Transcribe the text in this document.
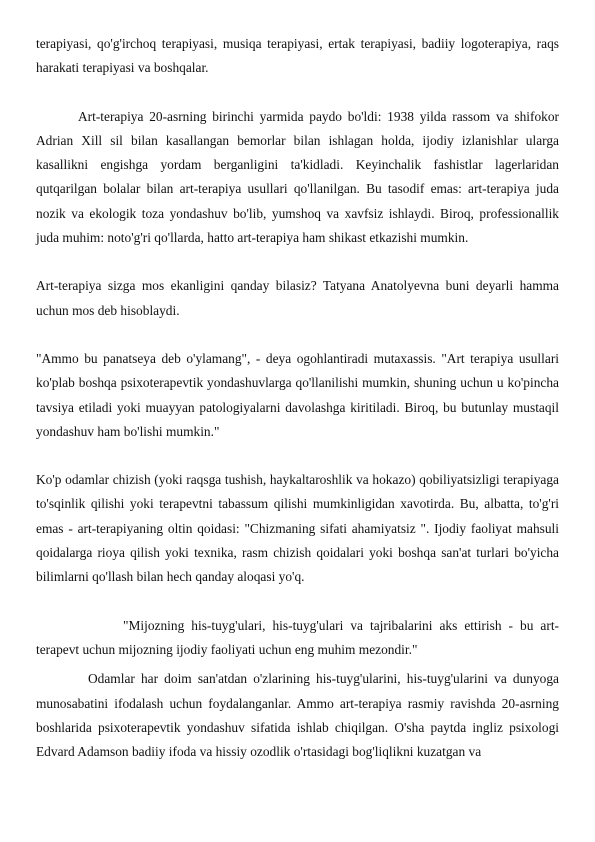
terapiyasi, qo'g'irchoq terapiyasi, musiqa terapiyasi, ertak terapiyasi, badiiy logoterapiya, raqs harakati terapiyasi va boshqalar.

Art-terapiya 20-asrning birinchi yarmida paydo bo'ldi: 1938 yilda rassom va shifokor Adrian Xill sil bilan kasallangan bemorlar bilan ishlagan holda, ijodiy izlanishlar ularga kasallikni engishga yordam berganligini ta'kidladi. Keyinchalik fashistlar lagerlaridan qutqarilgan bolalar bilan art-terapiya usullari qo'llanilgan. Bu tasodif emas: art-terapiya juda nozik va ekologik toza yondashuv bo'lib, yumshoq va xavfsiz ishlaydi. Biroq, professionallik juda muhim: noto'g'ri qo'llarda, hatto art-terapiya ham shikast etkazishi mumkin.

Art-terapiya sizga mos ekanligini qanday bilasiz? Tatyana Anatolyevna buni deyarli hamma uchun mos deb hisoblaydi.

"Ammo bu panatseya deb o'ylamang", - deya ogohlantiradi mutaxassis. "Art terapiya usullari ko'plab boshqa psixoterapevtik yondashuvlarga qo'llanilishi mumkin, shuning uchun u ko'pincha tavsiya etiladi yoki muayyan patologiyalarni davolashga kiritiladi. Biroq, bu butunlay mustaqil yondashuv ham bo'lishi mumkin."

Ko'p odamlar chizish (yoki raqsga tushish, haykaltaroshlik va hokazo) qobiliyatsizligi terapiyaga to'sqinlik qilishi yoki terapevtni tabassum qilishi mumkinligidan xavotirda. Bu, albatta, to'g'ri emas - art-terapiyaning oltin qoidasi: "Chizmaning sifati ahamiyatsiz ". Ijodiy faoliyat mahsuli qoidalarga rioya qilish yoki texnika, rasm chizish qoidalari yoki boshqa san'at turlari bo'yicha bilimlarni qo'llash bilan hech qanday aloqasi yo'q.

"Mijozning his-tuyg'ulari, his-tuyg'ulari va tajribalarini aks ettirish - bu art-terapevt uchun mijozning ijodiy faoliyati uchun eng muhim mezondir."

Odamlar har doim san'atdan o'zlarining his-tuyg'ularini, his-tuyg'ularini va dunyoga munosabatini ifodalash uchun foydalanganlar. Ammo art-terapiya rasmiy ravishda 20-asrning boshlarida psixoterapevtik yondashuv sifatida ishlab chiqilgan. O'sha paytda ingliz psixologi Edvard Adamson badiiy ifoda va hissiy ozodlik o'rtasidagi bog'liqlikni kuzatgan va
